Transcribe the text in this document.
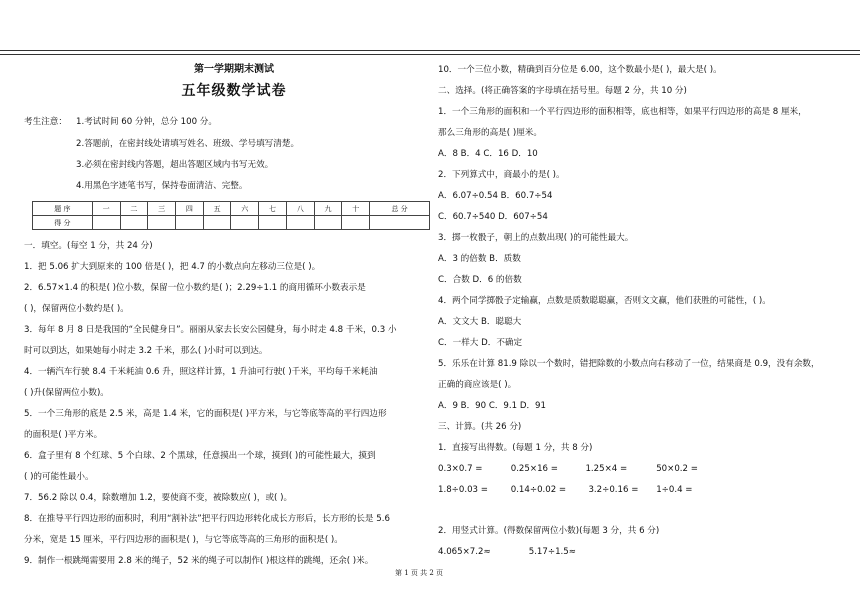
第一学期期末测试
五年级数学试卷
考生注意： 1.考试时间 60 分钟，总分 100 分。
2.答题前，在密封线处请填写姓名、班级、学号填写清楚。
3.必须在密封线内答题，超出答题区域内书写无效。
4.用黑色字迹笔书写，保持卷面清洁、完整。
题 序	一	二	三	四	五	六	七	八	九	十	总 分
得 分											
一．填空。(每空 1 分，共 24 分)
1．把 5.06 扩大到原来的 100 倍是( )，把 4.7 的小数点向左移动三位是( )。
2．6.57×1.4 的积是( )位小数，保留一位小数约是( )；2.29÷1.1 的商用循环小数表示是
( )，保留两位小数约是( )。
3．每年 8 月 8 日是我国的“全民健身日”。丽丽从家去长安公园健身，每小时走 4.8 千米，0.3 小
时可以到达，如果她每小时走 3.2 千米，那么( )小时可以到达。
4．一辆汽车行驶 8.4 千米耗油 0.6 升，照这样计算，1 升油可行驶( )千米，平均每千米耗油
( )升(保留两位小数)。
5．一个三角形的底是 2.5 米，高是 1.4 米，它的面积是( )平方米，与它等底等高的平行四边形
的面积是( )平方米。
6．盒子里有 8 个红球、5 个白球、2 个黑球，任意摸出一个球，摸到( )的可能性最大，摸到
( )的可能性最小。
7．56.2 除以 0.4，除数增加 1.2，要使商不变，被除数应( )，或( )。
8．在推导平行四边形的面积时，利用“割补法”把平行四边形转化成长方形后，长方形的长是 5.6
分米，宽是 15 厘米，平行四边形的面积是( )，与它等底等高的三角形的面积是( )。
9．制作一根跳绳需要用 2.8 米的绳子，52 米的绳子可以制作( )根这样的跳绳，还余( )米。
10．一个三位小数，精确到百分位是 6.00，这个数最小是( )，最大是( )。
二、选择。(将正确答案的字母填在括号里。每题 2 分，共 10 分)
1．一个三角形的面积和一个平行四边形的面积相等，底也相等，如果平行四边形的高是 8 厘米，
那么三角形的高是( )厘米。
A．8 B．4 C．16 D．10
2．下列算式中，商最小的是( )。
A．6.07÷0.54 B．60.7÷54
C．60.7÷540 D．607÷54
3．掷一枚骰子，朝上的点数出现( )的可能性最大。
A．3 的倍数 B．质数
C．合数 D．6 的倍数
4．两个同学掷骰子定输赢，点数是质数聪聪赢，否则文文赢，他们获胜的可能性，( )。
A．文文大 B．聪聪大
C．一样大 D．不确定
5．乐乐在计算 81.9 除以一个数时，错把除数的小数点向右移动了一位，结果商是 0.9，没有余数，
正确的商应该是( )。
A．9 B．90 C．9.1 D．91
三、计算。(共 26 分)
1．直接写出得数。(每题 1 分，共 8 分)
0.3×0.7 =	0.25×16 =	1.25×4 =	50×0.2 =
1.8÷0.03 =	0.14÷0.02 =	3.2÷0.16 = 1÷0.4 =
2．用竖式计算。(得数保留两位小数)(每题 3 分，共 6 分)
4.065×7.2≈	5.17÷1.5≈
第 1 页 共 2 页
